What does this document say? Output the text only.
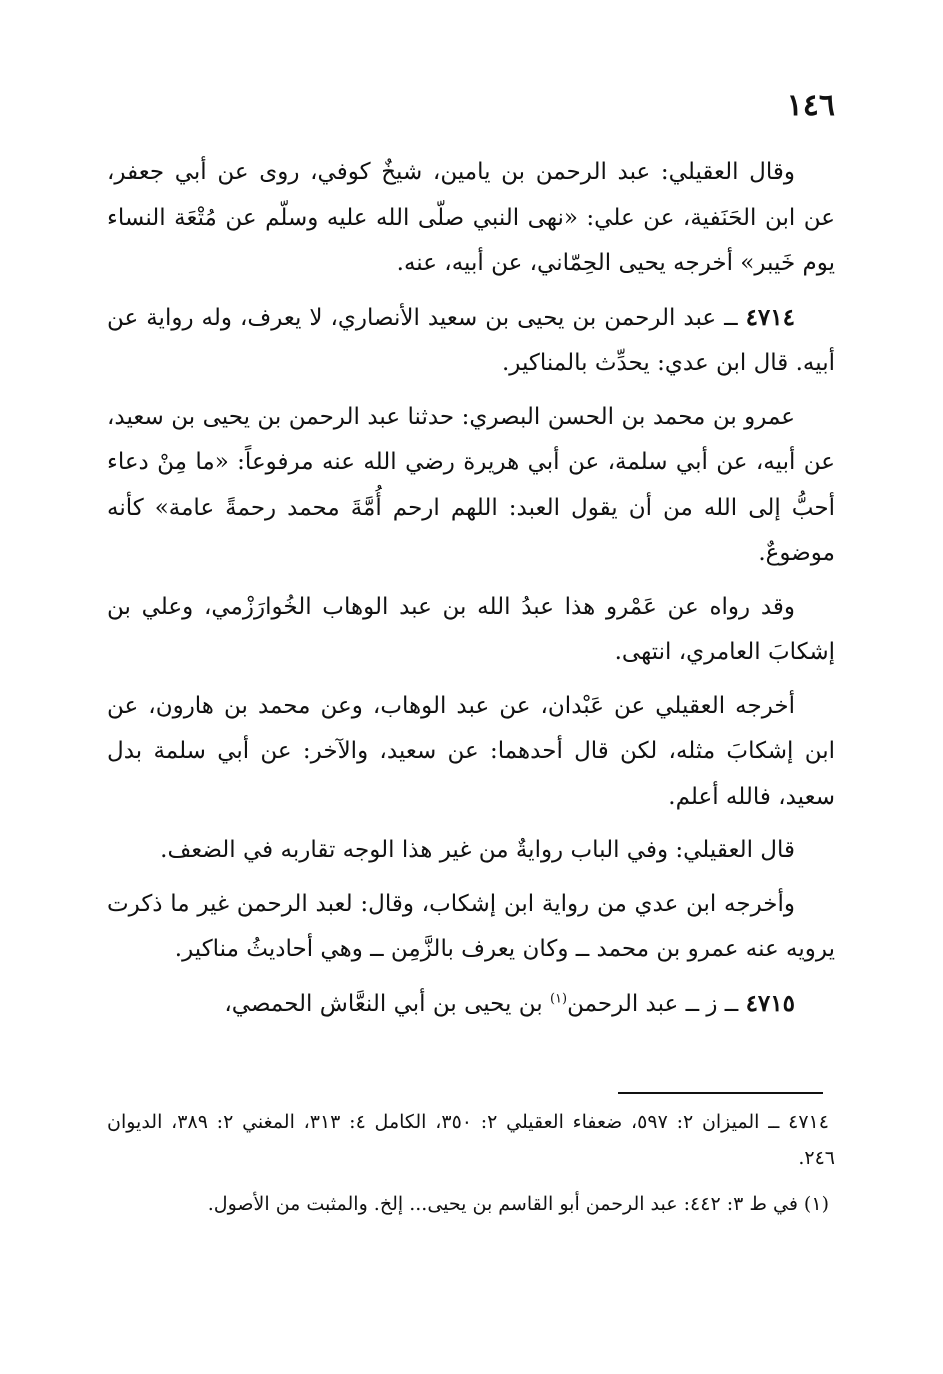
١٤٦

وقال العقيلي: عبد الرحمن بن يامين، شيخٌ كوفي، روى عن أبي جعفر، عن ابن الحَنَفية، عن علي: «نهى النبي صلّى الله عليه وسلّم عن مُتْعَة النساء يوم خَيبر» أخرجه يحيى الحِمّاني، عن أبيه، عنه.

٤٧١٤ ــ عبد الرحمن بن يحيى بن سعيد الأنصاري، لا يعرف، وله رواية عن أبيه. قال ابن عدي: يحدِّث بالمناكير.

عمرو بن محمد بن الحسن البصري: حدثنا عبد الرحمن بن يحيى بن سعيد، عن أبيه، عن أبي سلمة، عن أبي هريرة رضي الله عنه مرفوعاً: «ما مِنْ دعاء أحبُّ إلى الله من أن يقول العبد: اللهم ارحم أُمَّةَ محمد رحمةً عامة» كأنه موضوعٌ.

وقد رواه عن عَمْرو هذا عبدُ الله بن عبد الوهاب الخُوارَزْمي، وعلي بن إشكابَ العامري، انتهى.

أخرجه العقيلي عن عَبْدان، عن عبد الوهاب، وعن محمد بن هارون، عن ابن إشكابَ مثله، لكن قال أحدهما: عن سعيد، والآخر: عن أبي سلمة بدل سعيد، فالله أعلم.

قال العقيلي: وفي الباب روايةٌ من غير هذا الوجه تقاربه في الضعف.

وأخرجه ابن عدي من رواية ابن إشكاب، وقال: لعبد الرحمن غير ما ذكرت يرويه عنه عمرو بن محمد ــ وكان يعرف بالزَّمِن ــ وهي أحاديثُ مناكير.

٤٧١٥ ــ ز ــ عبد الرحمن$^{(١)}$ بن يحيى بن أبي النعَّاش الحمصي،

٤٧١٤ ــ الميزان ٢: ٥٩٧، ضعفاء العقيلي ٢: ٣٥٠، الكامل ٤: ٣١٣، المغني ٢: ٣٨٩، الديوان ٢٤٦.

(١) في ط ٣: ٤٤٢: عبد الرحمن أبو القاسم بن يحيى... إلخ. والمثبت من الأصول.
